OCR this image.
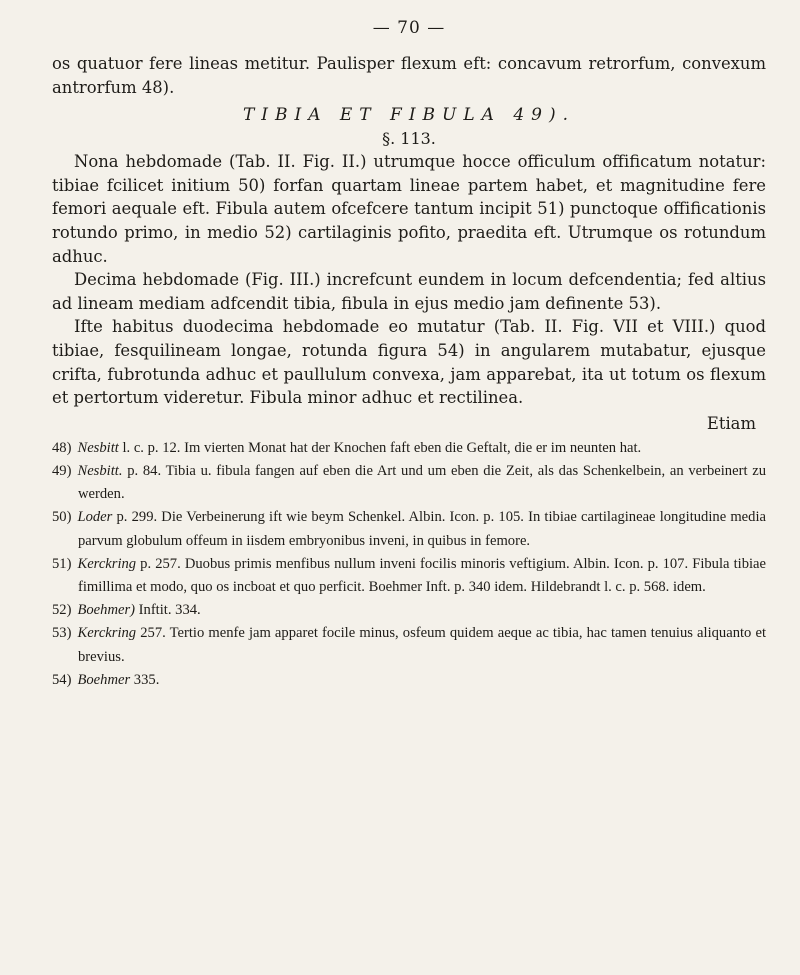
— 70 —

os quatuor fere lineas metitur. Paulisper flexum eft: concavum retrorfum, convexum antrorfum 48).

TIBIA ET FIBULA 49).
§. 113.

Nona hebdomade (Tab. II. Fig. II.) utrumque hocce officulum offificatum notatur: tibiae fcilicet initium 50) forfan quartam lineae partem habet, et magnitudine fere femori aequale eft. Fibula autem ofcefcere tantum incipit 51) punctoque offificationis rotundo primo, in medio 52) cartilaginis pofito, praedita eft. Utrumque os rotundum adhuc.

Decima hebdomade (Fig. III.) increfcunt eundem in locum defcendentia; fed altius ad lineam mediam adfcendit tibia, fibula in ejus medio jam definente 53).

Ifte habitus duodecima hebdomade eo mutatur (Tab. II. Fig. VII et VIII.) quod tibiae, fesquilineam longae, rotunda figura 54) in angularem mutabatur, ejusque crifta, fubrotunda adhuc et paullulum convexa, jam apparebat, ita ut totum os flexum et pertortum videretur. Fibula minor adhuc et rectilinea.

Etiam
48) Nesbitt l. c. p. 12. Im vierten Monat hat der Knochen faft eben die Geftalt, die er im neunten hat.
49) Nesbitt. p. 84. Tibia u. fibula fangen auf eben die Art und um eben die Zeit, als das Schenkelbein, an verbeinert zu werden.
50) Loder p. 299. Die Verbeinerung ift wie beym Schenkel. Albin. Icon. p. 105. In tibiae cartilagineae longitudine media parvum globulum offeum in iisdem embryonibus inveni, in quibus in femore.
51) Kerckring p. 257. Duobus primis menfibus nullum inveni focilis minoris veftigium. Albin. Icon. p. 107. Fibula tibiae fimillima et modo, quo os incboat et quo perficit. Boehmer Inft. p. 340 idem. Hildebrandt l. c. p. 568. idem.
52) Boehmer) Inftit. 334.
53) Kerckring 257. Tertio menfe jam apparet focile minus, osfeum quidem aeque ac tibia, hac tamen tenuius aliquanto et brevius.
54) Boehmer 335.
